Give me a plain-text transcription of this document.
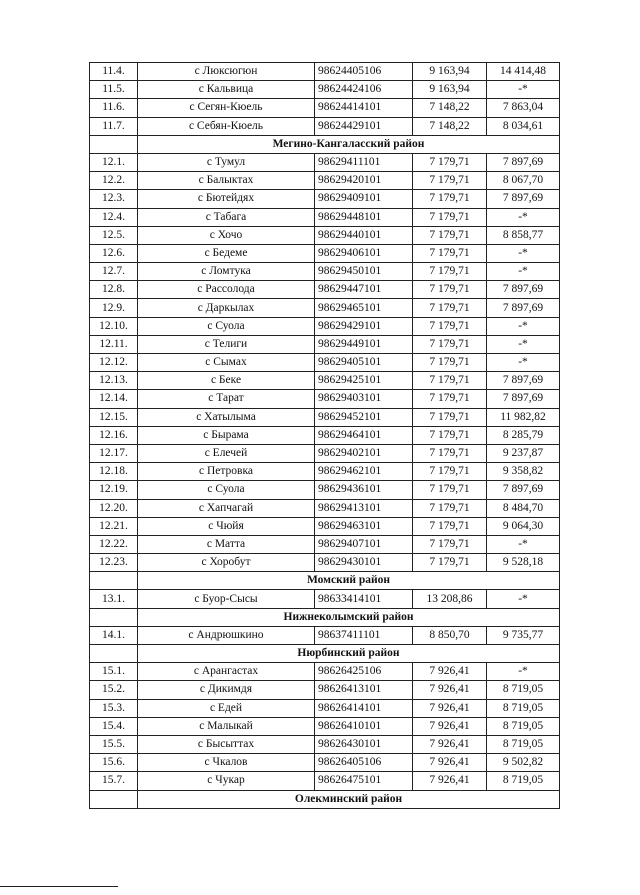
11.4.	с Люксюгюн	98624405106	9 163,94	14 414,48
11.5.	с Кальвица	98624424106	9 163,94	-*
11.6.	с Сегян-Кюель	98624414101	7 148,22	7 863,04
11.7.	с Себян-Кюель	98624429101	7 148,22	8 034,61
	Мегино-Кангаласский район			
12.1.	с Тумул	98629411101	7 179,71	7 897,69
12.2.	с Балыктах	98629420101	7 179,71	8 067,70
12.3.	с Бютейдях	98629409101	7 179,71	7 897,69
12.4.	с Табага	98629448101	7 179,71	-*
12.5.	с Хочо	98629440101	7 179,71	8 858,77
12.6.	с Бедеме	98629406101	7 179,71	-*
12.7.	с Ломтука	98629450101	7 179,71	-*
12.8.	с Рассолода	98629447101	7 179,71	7 897,69
12.9.	с Даркылах	98629465101	7 179,71	7 897,69
12.10.	с Суола	98629429101	7 179,71	-*
12.11.	с Телиги	98629449101	7 179,71	-*
12.12.	с Сымах	98629405101	7 179,71	-*
12.13.	с Беке	98629425101	7 179,71	7 897,69
12.14.	с Тарат	98629403101	7 179,71	7 897,69
12.15.	с Хатылыма	98629452101	7 179,71	11 982,82
12.16.	с Бырама	98629464101	7 179,71	8 285,79
12.17.	с Елечей	98629402101	7 179,71	9 237,87
12.18.	с Петровка	98629462101	7 179,71	9 358,82
12.19.	с Суола	98629436101	7 179,71	7 897,69
12.20.	с Хапчагай	98629413101	7 179,71	8 484,70
12.21.	с Чюйя	98629463101	7 179,71	9 064,30
12.22.	с Матта	98629407101	7 179,71	-*
12.23.	с Хоробут	98629430101	7 179,71	9 528,18
	Момский район			
13.1.	с Буор-Сысы	98633414101	13 208,86	-*
	Нижнеколымский район			
14.1.	с Андрюшкино	98637411101	8 850,70	9 735,77
	Нюрбинский район			
15.1.	с Арангастах	98626425106	7 926,41	-*
15.2.	с Дикимдя	98626413101	7 926,41	8 719,05
15.3.	с Едей	98626414101	7 926,41	8 719,05
15.4.	с Малыкай	98626410101	7 926,41	8 719,05
15.5.	с Бысыттах	98626430101	7 926,41	8 719,05
15.6.	с Чкалов	98626405106	7 926,41	9 502,82
15.7.	с Чукар	98626475101	7 926,41	8 719,05
	Олекминский район			
